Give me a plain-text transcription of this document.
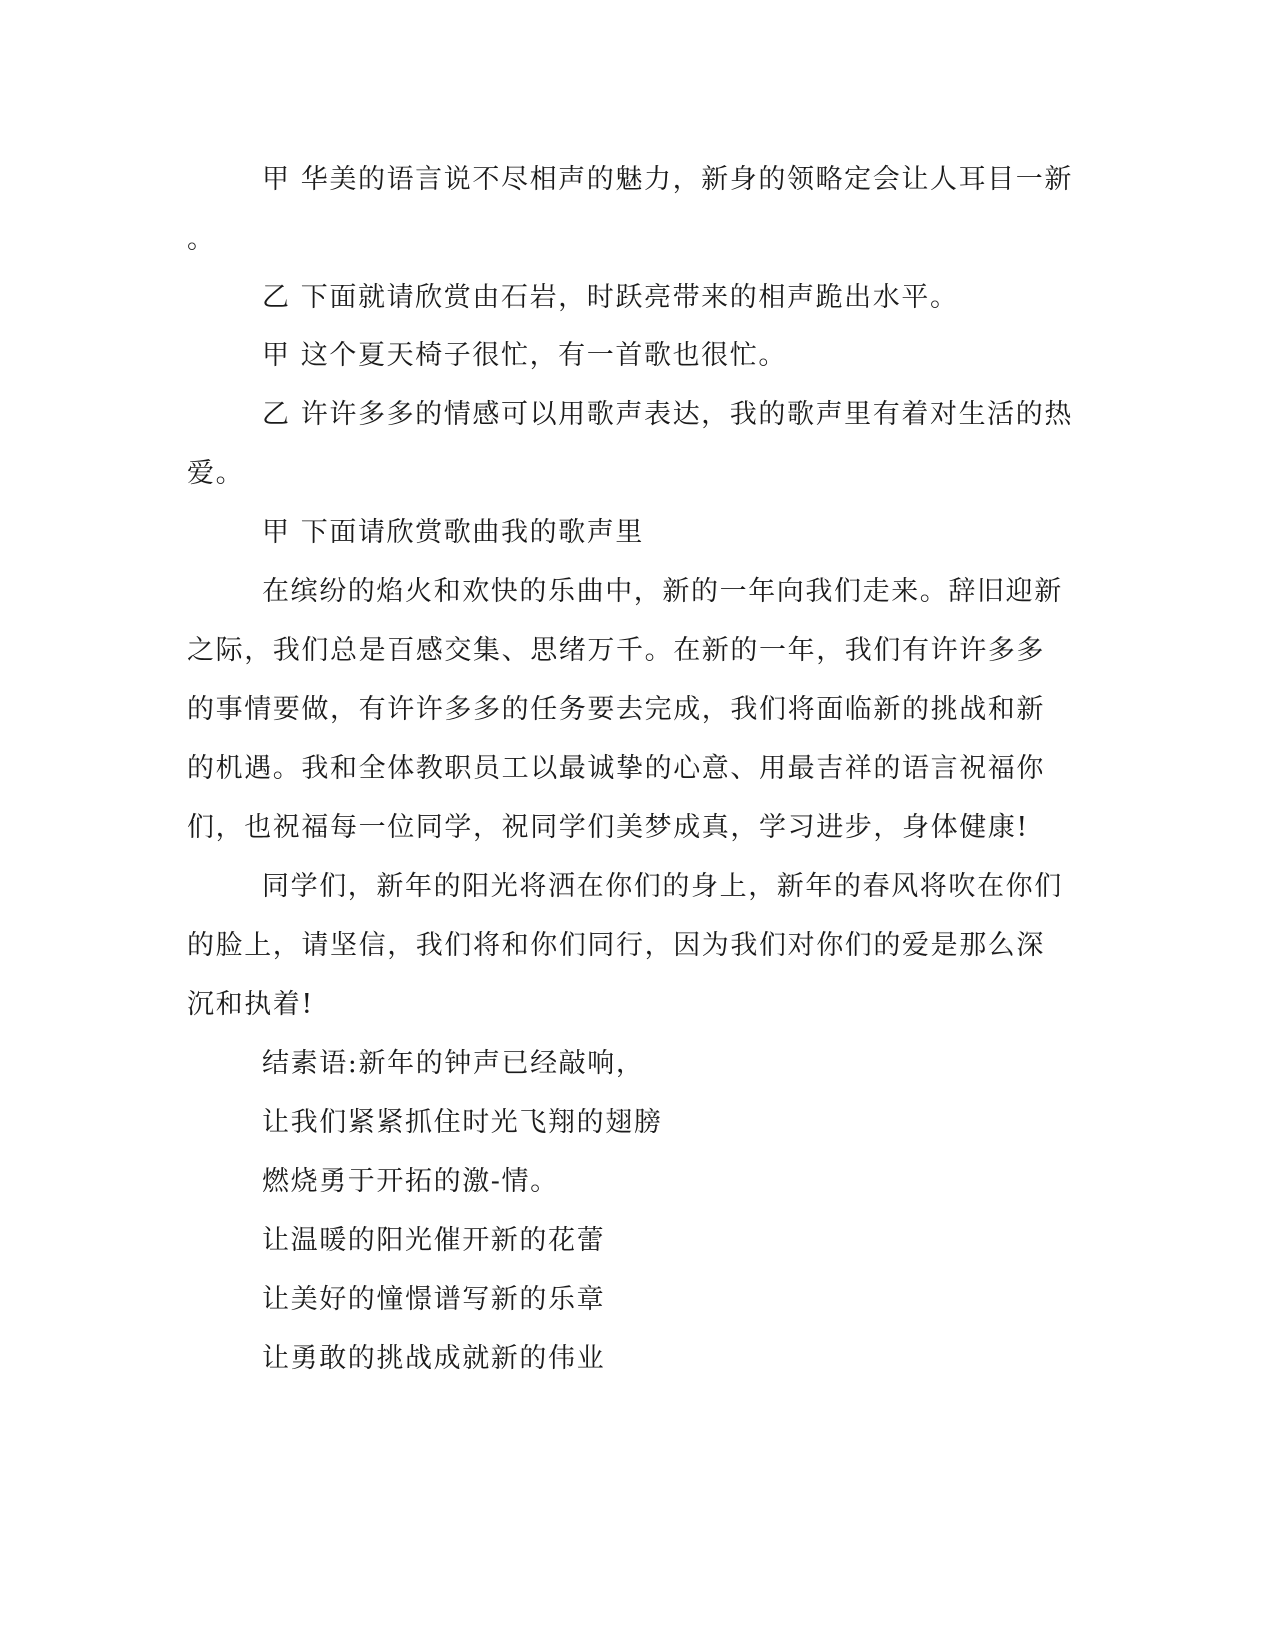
甲 华美的语言说不尽相声的魅力，新身的领略定会让人耳目一新
。
乙 下面就请欣赏由石岩，时跃亮带来的相声跪出水平。
甲 这个夏天椅子很忙，有一首歌也很忙。
乙 许许多多的情感可以用歌声表达，我的歌声里有着对生活的热
爱。
甲 下面请欣赏歌曲我的歌声里
在缤纷的焰火和欢快的乐曲中，新的一年向我们走来。辞旧迎新
之际，我们总是百感交集、思绪万千。在新的一年，我们有许许多多
的事情要做，有许许多多的任务要去完成，我们将面临新的挑战和新
的机遇。我和全体教职员工以最诚挚的心意、用最吉祥的语言祝福你
们，也祝福每一位同学，祝同学们美梦成真，学习进步，身体健康!
同学们，新年的阳光将洒在你们的身上，新年的春风将吹在你们
的脸上，请坚信，我们将和你们同行，因为我们对你们的爱是那么深
沉和执着!
结素语:新年的钟声已经敲响，
让我们紧紧抓住时光飞翔的翅膀
燃烧勇于开拓的激-情。
让温暖的阳光催开新的花蕾
让美好的憧憬谱写新的乐章
让勇敢的挑战成就新的伟业
